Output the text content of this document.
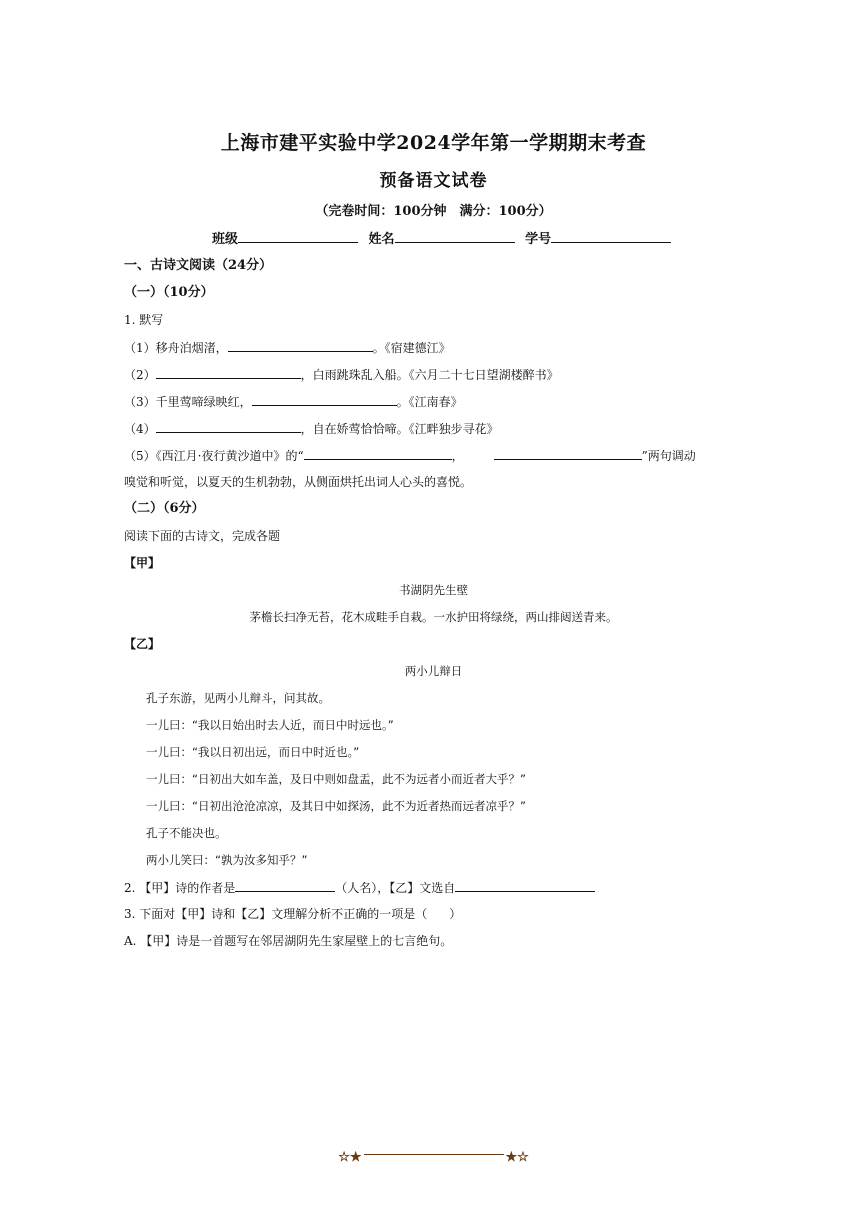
上海市建平实验中学2024学年第一学期期末考查
预备语文试卷
（完卷时间：100分钟　满分：100分）
班级	姓名	学号
一、古诗文阅读（24分）
（一）（10分）
1. 默写
（1）移舟泊烟渚，	。《宿建德江》
（2）	，白雨跳珠乱入船。《六月二十七日望湖楼醉书》
（3）千里莺啼绿映红，	。《江南春》
（4）	，自在娇莺恰恰啼。《江畔独步寻花》
（5）《西江月·夜行黄沙道中》的“	，	”两句调动
嗅觉和听觉，以夏天的生机勃勃，从侧面烘托出词人心头的喜悦。
（二）（6分）
阅读下面的古诗文，完成各题
【甲】
书湖阴先生壁
茅檐长扫净无苔，花木成畦手自栽。一水护田将绿绕，两山排闼送青来。
【乙】
两小儿辩日
孔子东游，见两小儿辩斗，问其故。
一儿曰：“我以日始出时去人近，而日中时远也。”
一儿曰：“我以日初出远，而日中时近也。”
一儿曰：“日初出大如车盖，及日中则如盘盂，此不为远者小而近者大乎？”
一儿曰：“日初出沧沧凉凉，及其日中如探汤，此不为近者热而远者凉乎？”
孔子不能决也。
两小儿笑曰：“孰为汝多知乎？”
2. 【甲】诗的作者是	（人名），【乙】文选自
3. 下面对【甲】诗和【乙】文理解分析不正确的一项是（ ）
A. 【甲】诗是一首题写在邻居湖阴先生家屋壁上的七言绝句。
☆★	★☆
